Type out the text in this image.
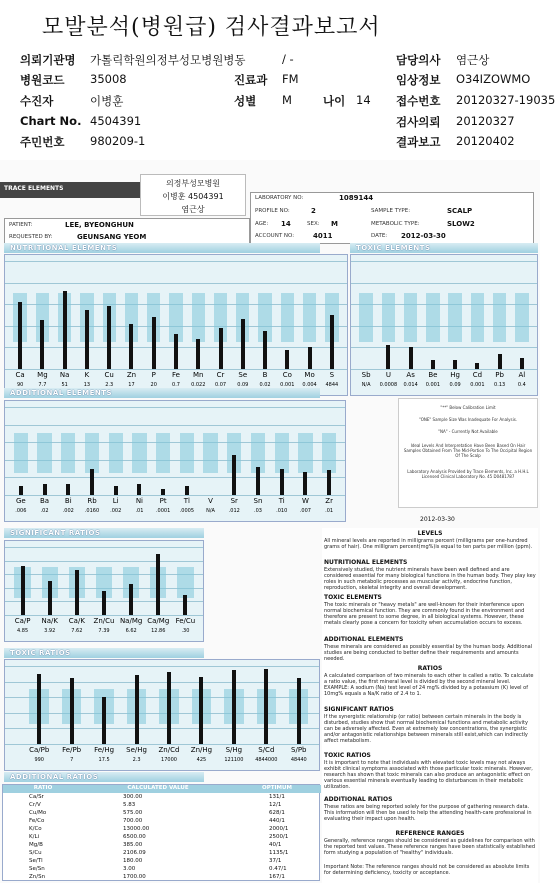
모발분석(병원급) 검사결과보고서
의뢰기관명 가톨릭학원의정부성모병원병동	/ -	담당의사 염근상
병원코드 35008	진료과 FM	임상정보 O34IZOWMO
수진자	이병훈	성별 M	나이 14 접수번호 20120327-19035
Chart No. 4504391	검사의뢰 20120327
주민번호 980209-1	결과보고 20120402
TRACE ELEMENTS
의정부성모병원
이병훈 4504391
염근상
LABORATORY NO:	1089144
PROFILE NO:	2	SAMPLE TYPE:	SCALP
AGE: 14	SEX: M	METABOLIC TYPE:	SLOW2
ACCOUNT NO:	4011	DATE: 2012-03-30
PATIENT:	LEE, BYEONGHUN
REQUESTED BY:	GEUNSANG YEOM
NUTRITIONAL ELEMENTS
Ca
90
Mg
7.7
Na
51
K
13
Cu
2.3
Zn
17
P
20
Fe
0.7
Mn
0.022
Cr
0.07
Se
0.09
B
0.02
Co
0.001
Mo
0.004
S
4844
TOXIC ELEMENTS
Sb
N/A
U
0.0008
As
0.014
Be
0.001
Hg
0.09
Cd
0.001
Pb
0.13
Al
0.4
"**" Below Calibration Limit
"ONE" Sample Size Was Inadequate For Analysis.
"NA" - Currently Not Available
Ideal Levels And Interpretation Have Been Based On Hair Samples Obtained From The Mid-Portion To The Occipital Region Of The Scalp
Laboratory Analysis Provided by Trace Elements, Inc. a H.H.L Licensed Clinical Laboratory No. 45 D0481787
ADDITIONAL ELEMENTS
Ge
.006
Ba
.02
Bi
.002
Rb
.0160
Li
.002
Ni
.01
Pt
.0001
Tl
.0005
V
N/A
Sr
.012
Sn
.03
Ti
.010
W
.007
Zr
.01
2012-03-30
SIGNIFICANT RATIOS
Ca/P
4.85
Na/K
3.92
Ca/K
7.62
Zn/Cu
7.39
Na/Mg
6.62
Ca/Mg
12.86
Fe/Cu
.30
TOXIC RATIOS
Ca/Pb
990
Fe/Pb
7
Fe/Hg
17.5
Se/Hg
2.3
Zn/Cd
17000
Zn/Hg
425
S/Hg
121100
S/Cd
4844000
S/Pb
48440
ADDITIONAL RATIOS
RATIO	CALCULATED VALUE	OPTIMUM
Ca/Sr	300.00	131/1
Cr/V	5.83	12/1
Cu/Mo	575.00	628/1
Fe/Co	700.00	440/1
K/Co	13000.00	2000/1
K/Li	6500.00	2500/1
Mg/B	385.00	40/1
S/Cu	2106.09	1135/1
Se/Tl	180.00	37/1
Se/Sn	3.00	0.47/1
Zn/Sn	1700.00	167/1
LEVELS
All mineral levels are reported in milligrams percent (milligrams per one-hundred grams of hair). One milligram percent(mg%)is equal to ten parts per million (ppm).
NUTRITIONAL ELEMENTS
Extensively studied, the nutrient minerals have been well defined and are considered essential for many biological functions in the human body. They play key roles in such metabolic processes as muscular activity, endocrine function, reproduction, skeletal integrity and overall development.
TOXIC ELEMENTS
The toxic minerals or "heavy metals" are well-known for their interference upon normal biochemical function. They are commonly found in the environment and therefore are present to some degree, in all biological systems. However, these metals clearly pose a concern for toxicity when accumulation occurs to excess.
ADDITIONAL ELEMENTS
These minerals are considered as possibly essential by the human body. Additional studies are being conducted to better define their requirements and amounts needed.
RATIOS
A calculated comparison of two minerals to each other is called a ratio. To calculate a ratio value, the first mineral level is divided by the second mineral level. EXAMPLE: A sodium (Na) test level of 24 mg% divided by a potassium (K) level of 10mg% equals a Na/K ratio of 2.4 to 1.
SIGNIFICANT RATIOS
If the synergistic relationship (or ratio) between certain minerals in the body is disturbed, studies show that normal biochemical functions and metabolic activity can be adversely affected. Even at extremely low concentrations, the synergistic and/or antagonistic relationships between minerals still exist,which can indirectly affect metabolism.
TOXIC RATIOS
It is important to note that individuals with elevated toxic levels may not always exhibit clinical symptoms associated with those particular toxic minerals. However, research has shown that toxic minerals can also produce an antagonistic effect on various essential minerals eventually leading to disturbances in their metabolic utilization.
ADDITIONAL RATIOS
These ratios are being reported solely for the purpose of gathering research data. This information will then be used to help the attending health-care professional in evaluating their impact upon health.
REFERENCE RANGES
Generally, reference ranges should be considered as guidelines for comparison with the reported test values. These reference ranges have been statistically established form studying a population of "healthy" individuals.
Important Note: The reference ranges should not be considered as absolute limits for determining deficiency, toxicity or acceptance.
